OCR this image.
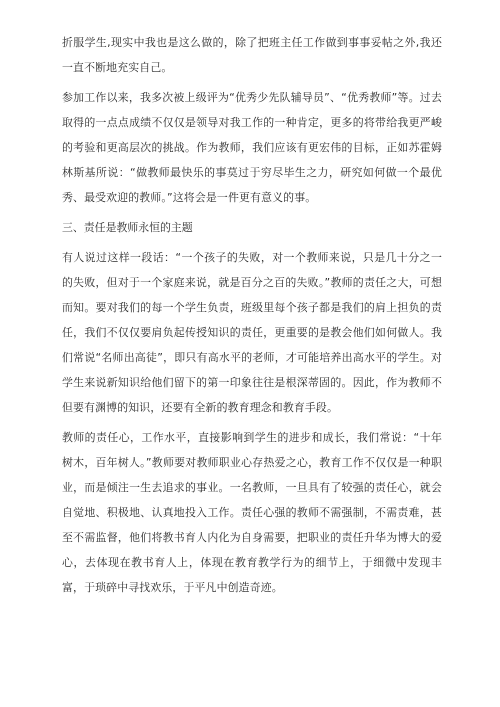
折服学生,现实中我也是这么做的，除了把班主任工作做到事事妥帖之外,我还一直不断地充实自己。

参加工作以来，我多次被上级评为“优秀少先队辅导员”、“优秀教师”等。过去取得的一点点成绩不仅仅是领导对我工作的一种肯定，更多的将带给我更严峻的考验和更高层次的挑战。作为教师，我们应该有更宏伟的目标，正如苏霍姆林斯基所说：“做教师最快乐的事莫过于穷尽毕生之力，研究如何做一个最优秀、最受欢迎的教师。”这将会是一件更有意义的事。

三、责任是教师永恒的主题

有人说过这样一段话：“一个孩子的失败，对一个教师来说，只是几十分之一的失败，但对于一个家庭来说，就是百分之百的失败。”教师的责任之大，可想而知。要对我们的每一个学生负责，班级里每个孩子都是我们的肩上担负的责任，我们不仅仅要肩负起传授知识的责任，更重要的是教会他们如何做人。我们常说“名师出高徒”，即只有高水平的老师，才可能培养出高水平的学生。对学生来说新知识给他们留下的第一印象往往是根深蒂固的。因此，作为教师不但要有渊博的知识，还要有全新的教育理念和教育手段。

教师的责任心，工作水平，直接影响到学生的进步和成长，我们常说：“十年树木，百年树人。”教师要对教师职业心存热爱之心，教育工作不仅仅是一种职业，而是倾注一生去追求的事业。一名教师，一旦具有了较强的责任心，就会自觉地、积极地、认真地投入工作。责任心强的教师不需强制，不需责难，甚至不需监督，他们将教书育人内化为自身需要，把职业的责任升华为博大的爱心，去体现在教书育人上，体现在教育教学行为的细节上，于细微中发现丰富，于琐碎中寻找欢乐，于平凡中创造奇迹。
